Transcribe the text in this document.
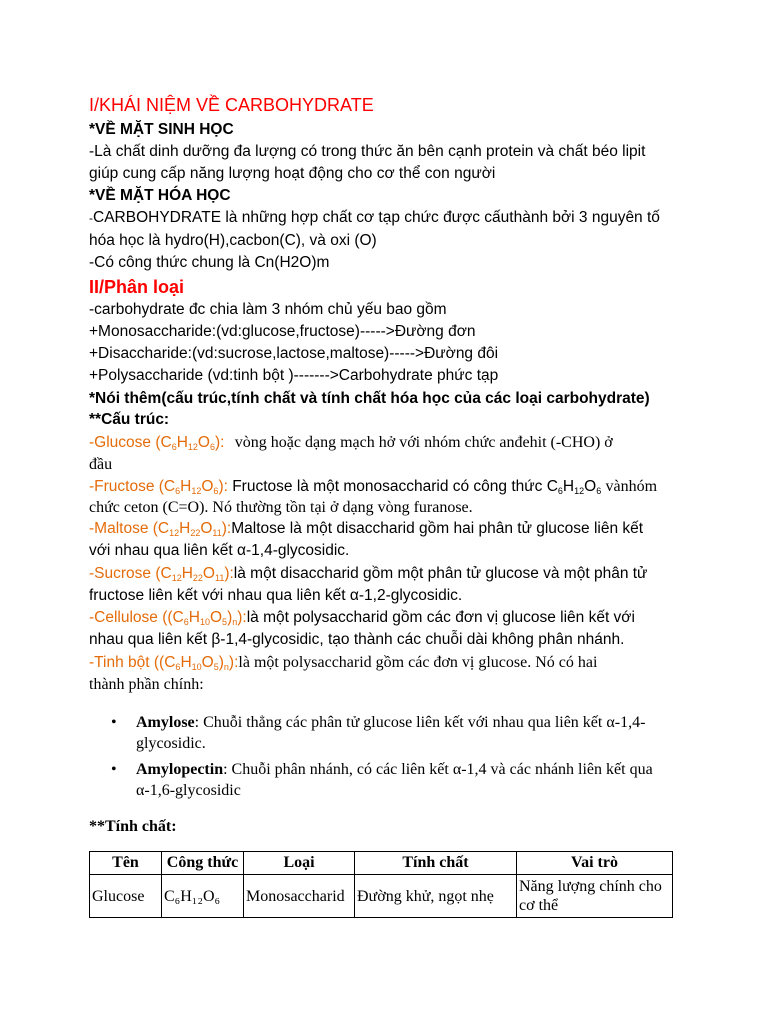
I/KHÁI NIỆM VỀ CARBOHYDRATE
*VỀ MẶT SINH HỌC
-Là chất dinh dưỡng đa lượng có trong thức ăn bên cạnh protein và chất béo lipit
giúp cung cấp năng lượng hoạt động cho cơ thể con người
*VỀ MẶT HÓA HỌC
-CARBOHYDRATE là những hợp chất cơ tạp chức được cấuthành bởi 3 nguyên tố
hóa học là hydro(H),cacbon(C), và oxi (O)
-Có công thức chung là Cn(H2O)m
II/Phân loại
-carbohydrate đc chia làm 3 nhóm chủ yếu bao gồm
+Monosaccharide:(vd:glucose,fructose)----->Đường đơn
+Disaccharide:(vd:sucrose,lactose,maltose)----->Đường đôi
+Polysaccharide (vd:tinh bột )------->Carbohydrate phức tạp
*Nói thêm(cấu trúc,tính chất và tính chất hóa học của các loại carbohydrate)
**Cấu trúc:
-Glucose $(C_6H_{12}O_6)$: vòng hoặc dạng mạch hở với nhóm chức anđehit (-CHO) ở
đầu
-Fructose $(C_6H_{12}O_6)$: Fructose là một monosaccharid có công thức $C_6H_{12}O_6$ vànhóm
chức ceton (C=O). Nó thường tồn tại ở dạng vòng furanose.
-Maltose $(C_{12}H_{22}O_{11}):Maltose$ là một disaccharid gồm hai phân tử glucose liên kết
với nhau qua liên kết α-1,4-glycosidic.
-Sucrose $(C_{12}H_{22}O_{11}):là$ một disaccharid gồm một phân tử glucose và một phân tử
fructose liên kết với nhau qua liên kết α-1,2-glycosidic.
-Cellulose $((C_6H_{10}O_5)_n):là$ một polysaccharid gồm các đơn vị glucose liên kết với
nhau qua liên kết β-1,4-glycosidic, tạo thành các chuỗi dài không phân nhánh.
-Tinh bột $((C_6H_{10}O_5)_n):là$ một polysaccharid gồm các đơn vị glucose. Nó có hai
thành phần chính:
• Amylose: Chuỗi thẳng các phân tử glucose liên kết với nhau qua liên kết α-1,4-glycosidic.
• Amylopectin: Chuỗi phân nhánh, có các liên kết α-1,4 và các nhánh liên kết qua α-1,6-glycosidic
**Tính chất:
Tên	Công thức	Loại	Tính chất	Vai trò
Glucose	C₆H₁₂O₆	Monosaccharid	Đường khử, ngọt nhẹ	Năng lượng chính cho cơ thể
